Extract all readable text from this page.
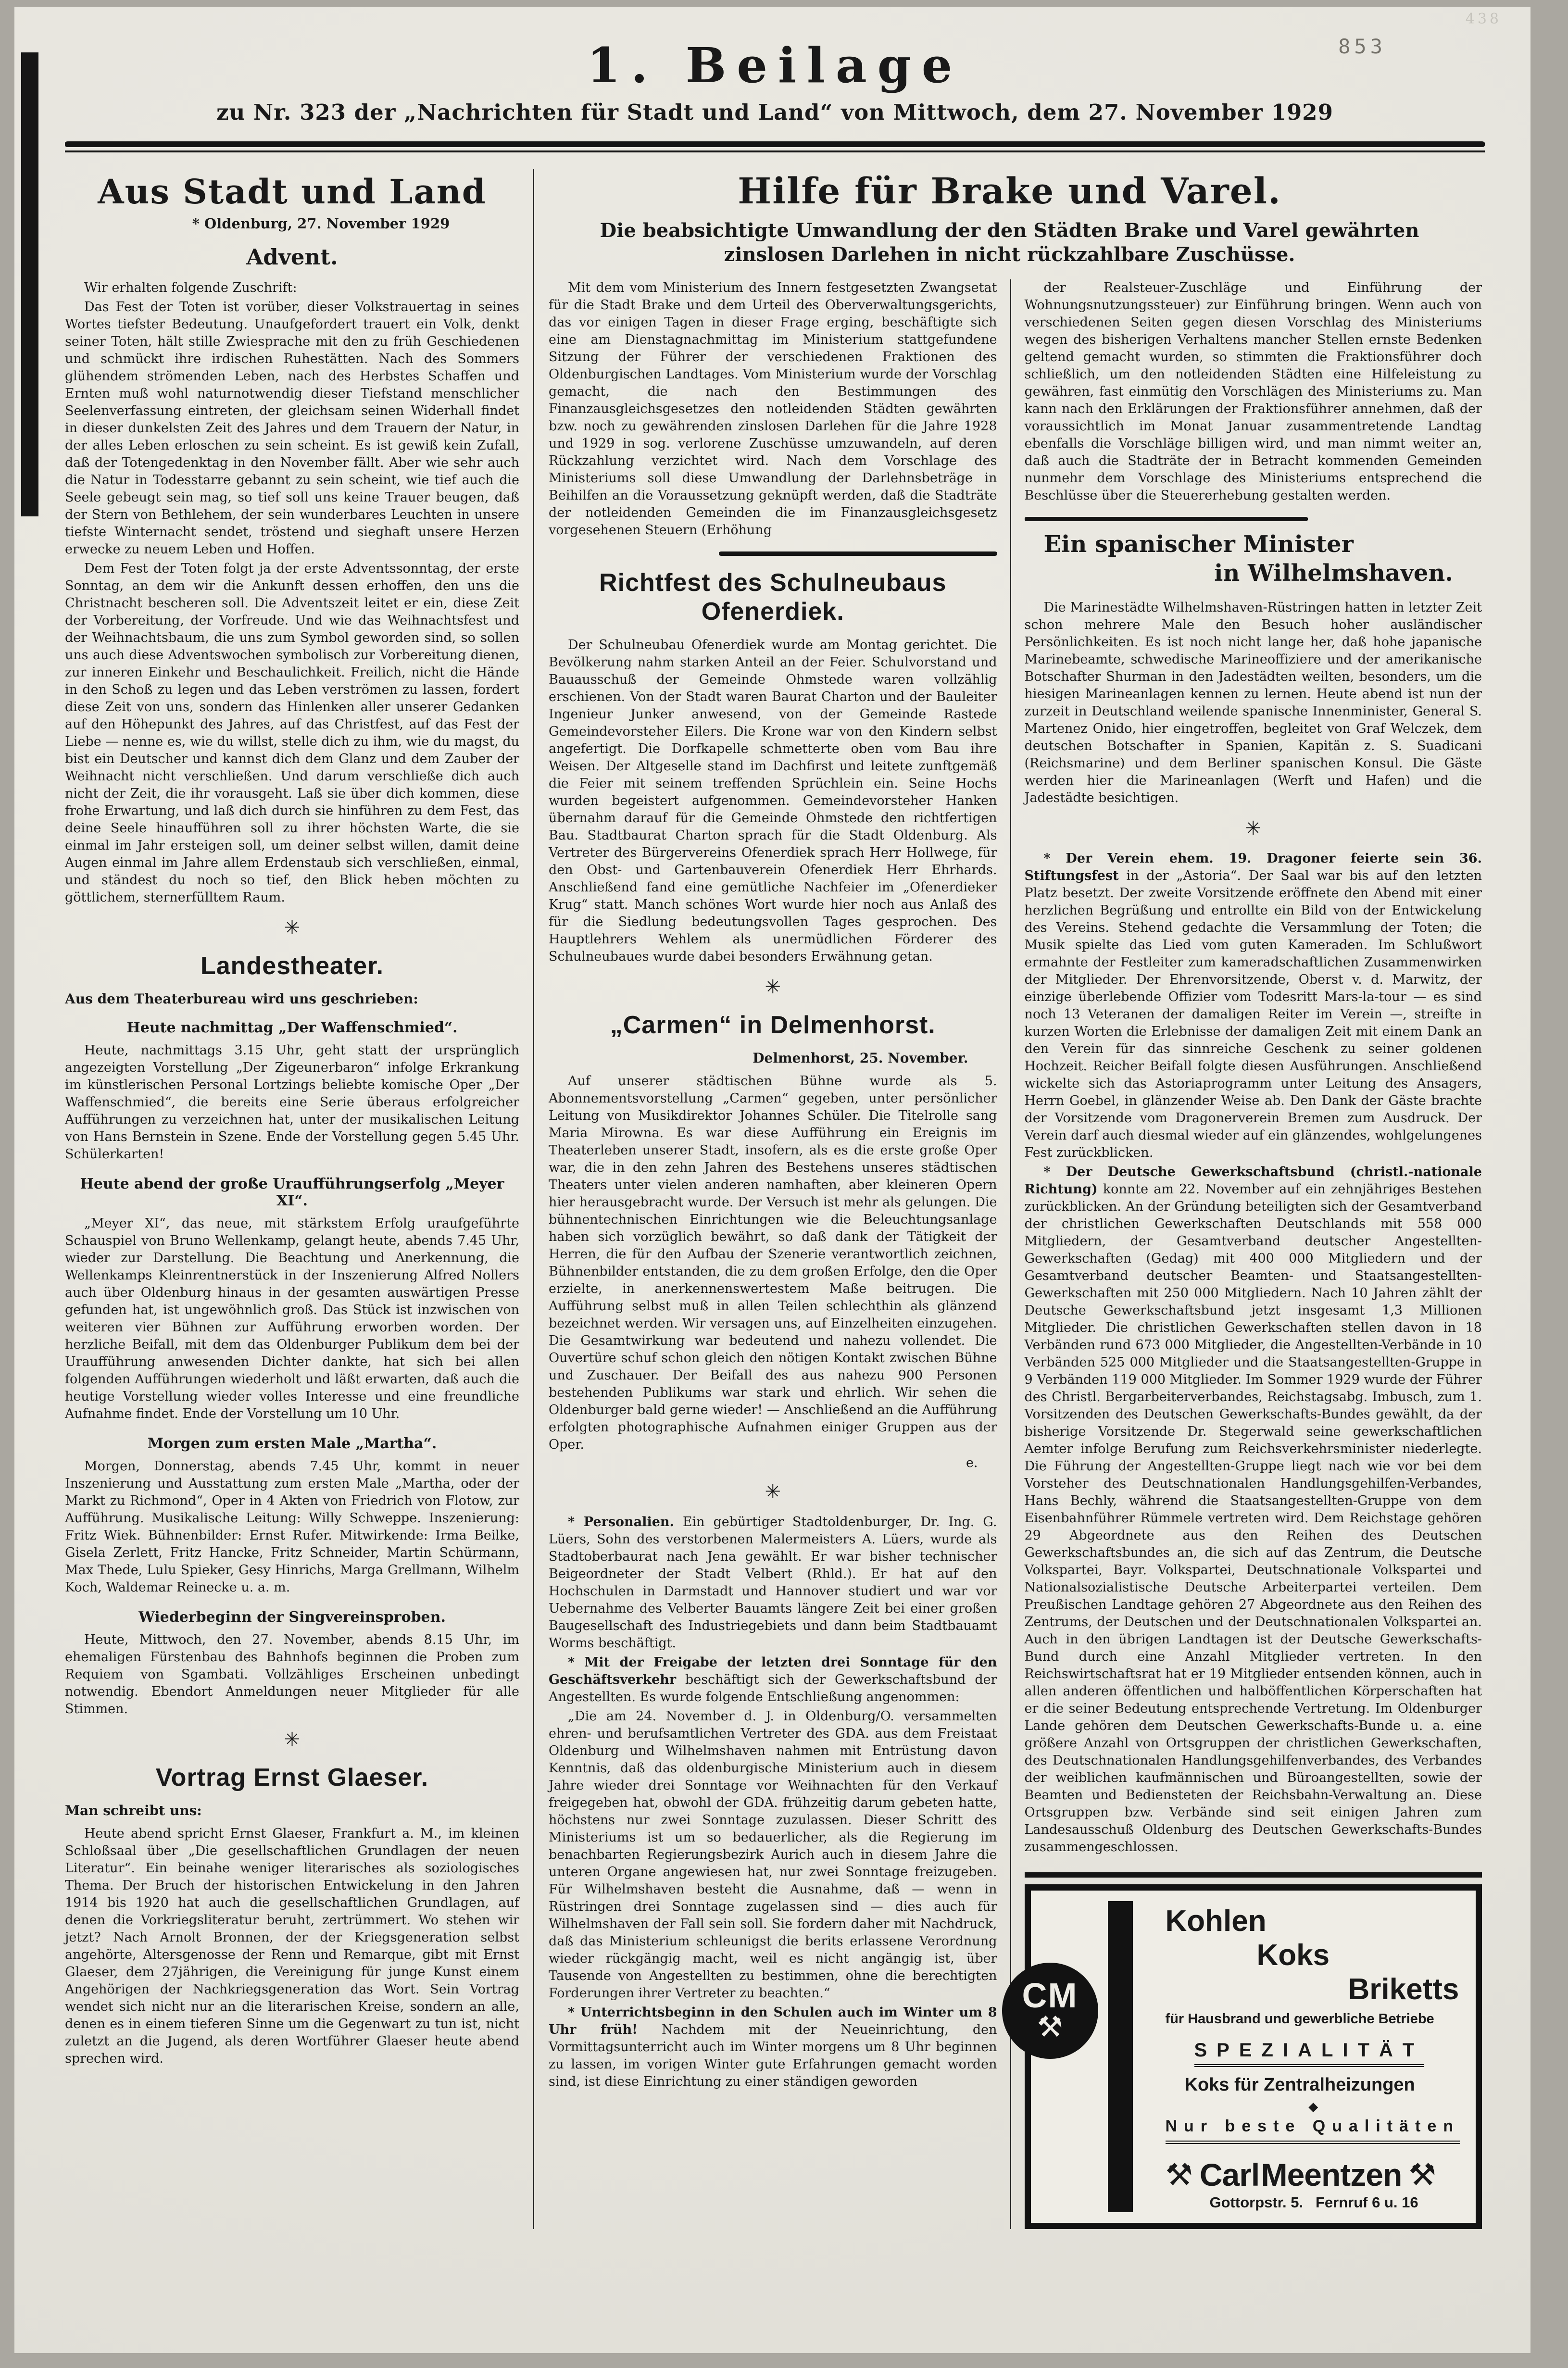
853
438
1. Beilage

zu Nr. 323 der „Nachrichten für Stadt und Land“ von Mittwoch, dem 27. November 1929

Aus Stadt und Land

* Oldenburg, 27. November 1929

Advent.

Wir erhalten folgende Zuschrift:

Das Fest der Toten ist vorüber, dieser Volkstrauertag in seines Wortes tiefster Bedeutung. Unaufgefordert trauert ein Volk, denkt seiner Toten, hält stille Zwiesprache mit den zu früh Geschiedenen und schmückt ihre irdischen Ruhestätten. Nach des Sommers glühendem strömenden Leben, nach des Herbstes Schaffen und Ernten muß wohl naturnotwendig dieser Tiefstand menschlicher Seelenverfassung eintreten, der gleichsam seinen Widerhall findet in dieser dunkelsten Zeit des Jahres und dem Trauern der Natur, in der alles Leben erloschen zu sein scheint. Es ist gewiß kein Zufall, daß der Totengedenktag in den November fällt. Aber wie sehr auch die Natur in Todesstarre gebannt zu sein scheint, wie tief auch die Seele gebeugt sein mag, so tief soll uns keine Trauer beugen, daß der Stern von Bethlehem, der sein wunderbares Leuchten in unsere tiefste Winternacht sendet, tröstend und sieghaft unsere Herzen erwecke zu neuem Leben und Hoffen.

Dem Fest der Toten folgt ja der erste Adventssonntag, der erste Sonntag, an dem wir die Ankunft dessen erhoffen, den uns die Christnacht bescheren soll. Die Adventszeit leitet er ein, diese Zeit der Vorbereitung, der Vorfreude. Und wie das Weihnachtsfest und der Weihnachtsbaum, die uns zum Symbol geworden sind, so sollen uns auch diese Adventswochen symbolisch zur Vorbereitung dienen, zur inneren Einkehr und Beschaulichkeit. Freilich, nicht die Hände in den Schoß zu legen und das Leben verströmen zu lassen, fordert diese Zeit von uns, sondern das Hinlenken aller unserer Gedanken auf den Höhepunkt des Jahres, auf das Christfest, auf das Fest der Liebe — nenne es, wie du willst, stelle dich zu ihm, wie du magst, du bist ein Deutscher und kannst dich dem Glanz und dem Zauber der Weihnacht nicht verschließen. Und darum verschließe dich auch nicht der Zeit, die ihr vorausgeht. Laß sie über dich kommen, diese frohe Erwartung, und laß dich durch sie hinführen zu dem Fest, das deine Seele hinaufführen soll zu ihrer höchsten Warte, die sie einmal im Jahr ersteigen soll, um deiner selbst willen, damit deine Augen einmal im Jahre allem Erdenstaub sich verschließen, einmal, und ständest du noch so tief, den Blick heben möchten zu göttlichem, sternerfülltem Raum.

✳
Landestheater.

Aus dem Theaterbureau wird uns geschrieben:

Heute nachmittag „Der Waffenschmied“.

Heute, nachmittags 3.15 Uhr, geht statt der ursprünglich angezeigten Vorstellung „Der Zigeunerbaron“ infolge Erkrankung im künstlerischen Personal Lortzings beliebte komische Oper „Der Waffenschmied“, die bereits eine Serie überaus erfolgreicher Aufführungen zu verzeichnen hat, unter der musikalischen Leitung von Hans Bernstein in Szene. Ende der Vorstellung gegen 5.45 Uhr. Schülerkarten!

Heute abend der große Uraufführungserfolg „Meyer XI“.

„Meyer XI“, das neue, mit stärkstem Erfolg uraufgeführte Schauspiel von Bruno Wellenkamp, gelangt heute, abends 7.45 Uhr, wieder zur Darstellung. Die Beachtung und Anerkennung, die Wellenkamps Kleinrentnerstück in der Inszenierung Alfred Nollers auch über Oldenburg hinaus in der gesamten auswärtigen Presse gefunden hat, ist ungewöhnlich groß. Das Stück ist inzwischen von weiteren vier Bühnen zur Aufführung erworben worden. Der herzliche Beifall, mit dem das Oldenburger Publikum dem bei der Uraufführung anwesenden Dichter dankte, hat sich bei allen folgenden Aufführungen wiederholt und läßt erwarten, daß auch die heutige Vorstellung wieder volles Interesse und eine freundliche Aufnahme findet. Ende der Vorstellung um 10 Uhr.

Morgen zum ersten Male „Martha“.

Morgen, Donnerstag, abends 7.45 Uhr, kommt in neuer Inszenierung und Ausstattung zum ersten Male „Martha, oder der Markt zu Richmond“, Oper in 4 Akten von Friedrich von Flotow, zur Aufführung. Musikalische Leitung: Willy Schweppe. Inszenierung: Fritz Wiek. Bühnenbilder: Ernst Rufer. Mitwirkende: Irma Beilke, Gisela Zerlett, Fritz Hancke, Fritz Schneider, Martin Schürmann, Max Thede, Lulu Spieker, Gesy Hinrichs, Marga Grellmann, Wilhelm Koch, Waldemar Reinecke u. a. m.

Wiederbeginn der Singvereinsproben.

Heute, Mittwoch, den 27. November, abends 8.15 Uhr, im ehemaligen Fürstenbau des Bahnhofs beginnen die Proben zum Requiem von Sgambati. Vollzähliges Erscheinen unbedingt notwendig. Ebendort Anmeldungen neuer Mitglieder für alle Stimmen.

✳
Vortrag Ernst Glaeser.

Man schreibt uns:

Heute abend spricht Ernst Glaeser, Frankfurt a. M., im kleinen Schloßsaal über „Die gesellschaftlichen Grundlagen der neuen Literatur“. Ein beinahe weniger literarisches als soziologisches Thema. Der Bruch der historischen Entwickelung in den Jahren 1914 bis 1920 hat auch die gesellschaftlichen Grundlagen, auf denen die Vorkriegsliteratur beruht, zertrümmert. Wo stehen wir jetzt? Nach Arnolt Bronnen, der der Kriegsgeneration selbst angehörte, Altersgenosse der Renn und Remarque, gibt mit Ernst Glaeser, dem 27jährigen, die Vereinigung für junge Kunst einem Angehörigen der Nachkriegsgeneration das Wort. Sein Vortrag wendet sich nicht nur an die literarischen Kreise, sondern an alle, denen es in einem tieferen Sinne um die Gegenwart zu tun ist, nicht zuletzt an die Jugend, als deren Wortführer Glaeser heute abend sprechen wird.

Hilfe für Brake und Varel.

Die beabsichtigte Umwandlung der den Städten Brake und Varel gewährten zinslosen Darlehen in nicht rückzahlbare Zuschüsse.

Mit dem vom Ministerium des Innern festgesetzten Zwangsetat für die Stadt Brake und dem Urteil des Oberverwaltungsgerichts, das vor einigen Tagen in dieser Frage erging, beschäftigte sich eine am Dienstagnachmittag im Ministerium stattgefundene Sitzung der Führer der verschiedenen Fraktionen des Oldenburgischen Landtages. Vom Ministerium wurde der Vorschlag gemacht, die nach den Bestimmungen des Finanzausgleichsgesetzes den notleidenden Städten gewährten bzw. noch zu gewährenden zinslosen Darlehen für die Jahre 1928 und 1929 in sog. verlorene Zuschüsse umzuwandeln, auf deren Rückzahlung verzichtet wird. Nach dem Vorschlage des Ministeriums soll diese Umwandlung der Darlehnsbeträge in Beihilfen an die Voraussetzung geknüpft werden, daß die Stadträte der notleidenden Gemeinden die im Finanzausgleichsgesetz vorgesehenen Steuern (Erhöhung

Richtfest des Schulneubaus Ofenerdiek.

Der Schulneubau Ofenerdiek wurde am Montag gerichtet. Die Bevölkerung nahm starken Anteil an der Feier. Schulvorstand und Bauausschuß der Gemeinde Ohmstede waren vollzählig erschienen. Von der Stadt waren Baurat Charton und der Bauleiter Ingenieur Junker anwesend, von der Gemeinde Rastede Gemeindevorsteher Eilers. Die Krone war von den Kindern selbst angefertigt. Die Dorfkapelle schmetterte oben vom Bau ihre Weisen. Der Altgeselle stand im Dachfirst und leitete zunftgemäß die Feier mit seinem treffenden Sprüchlein ein. Seine Hochs wurden begeistert aufgenommen. Gemeindevorsteher Hanken übernahm darauf für die Gemeinde Ohmstede den richtfertigen Bau. Stadtbaurat Charton sprach für die Stadt Oldenburg. Als Vertreter des Bürgervereins Ofenerdiek sprach Herr Hollwege, für den Obst- und Gartenbauverein Ofenerdiek Herr Ehrhards. Anschließend fand eine gemütliche Nachfeier im „Ofenerdieker Krug“ statt. Manch schönes Wort wurde hier noch aus Anlaß des für die Siedlung bedeutungsvollen Tages gesprochen. Des Hauptlehrers Wehlem als unermüdlichen Förderer des Schulneubaues wurde dabei besonders Erwähnung getan.

✳
„Carmen“ in Delmenhorst.

Delmenhorst, 25. November.

Auf unserer städtischen Bühne wurde als 5. Abonnementsvorstellung „Carmen“ gegeben, unter persönlicher Leitung von Musikdirektor Johannes Schüler. Die Titelrolle sang Maria Mirowna. Es war diese Aufführung ein Ereignis im Theaterleben unserer Stadt, insofern, als es die erste große Oper war, die in den zehn Jahren des Bestehens unseres städtischen Theaters unter vielen anderen namhaften, aber kleineren Opern hier herausgebracht wurde. Der Versuch ist mehr als gelungen. Die bühnentechnischen Einrichtungen wie die Beleuchtungsanlage haben sich vorzüglich bewährt, so daß dank der Tätigkeit der Herren, die für den Aufbau der Szenerie verantwortlich zeichnen, Bühnenbilder entstanden, die zu dem großen Erfolge, den die Oper erzielte, in anerkennenswertestem Maße beitrugen. Die Aufführung selbst muß in allen Teilen schlechthin als glänzend bezeichnet werden. Wir versagen uns, auf Einzelheiten einzugehen. Die Gesamtwirkung war bedeutend und nahezu vollendet. Die Ouvertüre schuf schon gleich den nötigen Kontakt zwischen Bühne und Zuschauer. Der Beifall des aus nahezu 900 Personen bestehenden Publikums war stark und ehrlich. Wir sehen die Oldenburger bald gerne wieder! — Anschließend an die Aufführung erfolgten photographische Aufnahmen einiger Gruppen aus der Oper.

e.

✳

* Personalien. Ein gebürtiger Stadtoldenburger, Dr. Ing. G. Lüers, Sohn des verstorbenen Malermeisters A. Lüers, wurde als Stadtoberbaurat nach Jena gewählt. Er war bisher technischer Beigeordneter der Stadt Velbert (Rhld.). Er hat auf den Hochschulen in Darmstadt und Hannover studiert und war vor Uebernahme des Velberter Bauamts längere Zeit bei einer großen Baugesellschaft des Industriegebiets und dann beim Stadtbauamt Worms beschäftigt.

* Mit der Freigabe der letzten drei Sonntage für den Geschäftsverkehr beschäftigt sich der Gewerkschaftsbund der Angestellten. Es wurde folgende Entschließung angenommen:

„Die am 24. November d. J. in Oldenburg/O. versammelten ehren- und berufsamtlichen Vertreter des GDA. aus dem Freistaat Oldenburg und Wilhelmshaven nahmen mit Entrüstung davon Kenntnis, daß das oldenburgische Ministerium auch in diesem Jahre wieder drei Sonntage vor Weihnachten für den Verkauf freigegeben hat, obwohl der GDA. frühzeitig darum gebeten hatte, höchstens nur zwei Sonntage zuzulassen. Dieser Schritt des Ministeriums ist um so bedauerlicher, als die Regierung im benachbarten Regierungsbezirk Aurich auch in diesem Jahre die unteren Organe angewiesen hat, nur zwei Sonntage freizugeben. Für Wilhelmshaven besteht die Ausnahme, daß — wenn in Rüstringen drei Sonntage zugelassen sind — dies auch für Wilhelmshaven der Fall sein soll. Sie fordern daher mit Nachdruck, daß das Ministerium schleunigst die berits erlassene Verordnung wieder rückgängig macht, weil es nicht angängig ist, über Tausende von Angestellten zu bestimmen, ohne die berechtigten Forderungen ihrer Vertreter zu beachten.“

* Unterrichtsbeginn in den Schulen auch im Winter um 8 Uhr früh! Nachdem mit der Neueinrichtung, den Vormittagsunterricht auch im Winter morgens um 8 Uhr beginnen zu lassen, im vorigen Winter gute Erfahrungen gemacht worden sind, ist diese Einrichtung zu einer ständigen geworden

der Realsteuer-Zuschläge und Einführung der Wohnungsnutzungssteuer) zur Einführung bringen. Wenn auch von verschiedenen Seiten gegen diesen Vorschlag des Ministeriums wegen des bisherigen Verhaltens mancher Stellen ernste Bedenken geltend gemacht wurden, so stimmten die Fraktionsführer doch schließlich, um den notleidenden Städten eine Hilfeleistung zu gewähren, fast einmütig den Vorschlägen des Ministeriums zu. Man kann nach den Erklärungen der Fraktionsführer annehmen, daß der voraussichtlich im Monat Januar zusammentretende Landtag ebenfalls die Vorschläge billigen wird, und man nimmt weiter an, daß auch die Stadträte der in Betracht kommenden Gemeinden nunmehr dem Vorschlage des Ministeriums entsprechend die Beschlüsse über die Steuererhebung gestalten werden.

Ein spanischer Minister
in Wilhelmshaven.

Die Marinestädte Wilhelmshaven-Rüstringen hatten in letzter Zeit schon mehrere Male den Besuch hoher ausländischer Persönlichkeiten. Es ist noch nicht lange her, daß hohe japanische Marinebeamte, schwedische Marineoffiziere und der amerikanische Botschafter Shurman in den Jadestädten weilten, besonders, um die hiesigen Marineanlagen kennen zu lernen. Heute abend ist nun der zurzeit in Deutschland weilende spanische Innenminister, General S. Martenez Onido, hier eingetroffen, begleitet von Graf Welczek, dem deutschen Botschafter in Spanien, Kapitän z. S. Suadicani (Reichsmarine) und dem Berliner spanischen Konsul. Die Gäste werden hier die Marineanlagen (Werft und Hafen) und die Jadestädte besichtigen.

✳

* Der Verein ehem. 19. Dragoner feierte sein 36. Stiftungsfest in der „Astoria“. Der Saal war bis auf den letzten Platz besetzt. Der zweite Vorsitzende eröffnete den Abend mit einer herzlichen Begrüßung und entrollte ein Bild von der Entwickelung des Vereins. Stehend gedachte die Versammlung der Toten; die Musik spielte das Lied vom guten Kameraden. Im Schlußwort ermahnte der Festleiter zum kameradschaftlichen Zusammenwirken der Mitglieder. Der Ehrenvorsitzende, Oberst v. d. Marwitz, der einzige überlebende Offizier vom Todesritt Mars-la-tour — es sind noch 13 Veteranen der damaligen Reiter im Verein —, streifte in kurzen Worten die Erlebnisse der damaligen Zeit mit einem Dank an den Verein für das sinnreiche Geschenk zu seiner goldenen Hochzeit. Reicher Beifall folgte diesen Ausführungen. Anschließend wickelte sich das Astoriaprogramm unter Leitung des Ansagers, Herrn Goebel, in glänzender Weise ab. Den Dank der Gäste brachte der Vorsitzende vom Dragonerverein Bremen zum Ausdruck. Der Verein darf auch diesmal wieder auf ein glänzendes, wohlgelungenes Fest zurückblicken.

* Der Deutsche Gewerkschaftsbund (christl.-nationale Richtung) konnte am 22. November auf ein zehnjähriges Bestehen zurückblicken. An der Gründung beteiligten sich der Gesamtverband der christlichen Gewerkschaften Deutschlands mit 558 000 Mitgliedern, der Gesamtverband deutscher Angestellten-Gewerkschaften (Gedag) mit 400 000 Mitgliedern und der Gesamtverband deutscher Beamten- und Staatsangestellten-Gewerkschaften mit 250 000 Mitgliedern. Nach 10 Jahren zählt der Deutsche Gewerkschaftsbund jetzt insgesamt 1,3 Millionen Mitglieder. Die christlichen Gewerkschaften stellen davon in 18 Verbänden rund 673 000 Mitglieder, die Angestellten-Verbände in 10 Verbänden 525 000 Mitglieder und die Staatsangestellten-Gruppe in 9 Verbänden 119 000 Mitglieder. Im Sommer 1929 wurde der Führer des Christl. Bergarbeiterverbandes, Reichstagsabg. Imbusch, zum 1. Vorsitzenden des Deutschen Gewerkschafts-Bundes gewählt, da der bisherige Vorsitzende Dr. Stegerwald seine gewerkschaftlichen Aemter infolge Berufung zum Reichsverkehrsminister niederlegte. Die Führung der Angestellten-Gruppe liegt nach wie vor bei dem Vorsteher des Deutschnationalen Handlungsgehilfen-Verbandes, Hans Bechly, während die Staatsangestellten-Gruppe von dem Eisenbahnführer Rümmele vertreten wird. Dem Reichstage gehören 29 Abgeordnete aus den Reihen des Deutschen Gewerkschaftsbundes an, die sich auf das Zentrum, die Deutsche Volkspartei, Bayr. Volkspartei, Deutschnationale Volkspartei und Nationalsozialistische Deutsche Arbeiterpartei verteilen. Dem Preußischen Landtage gehören 27 Abgeordnete aus den Reihen des Zentrums, der Deutschen und der Deutschnationalen Volkspartei an. Auch in den übrigen Landtagen ist der Deutsche Gewerkschafts-Bund durch eine Anzahl Mitglieder vertreten. In den Reichswirtschaftsrat hat er 19 Mitglieder entsenden können, auch in allen anderen öffentlichen und halböffentlichen Körperschaften hat er die seiner Bedeutung entsprechende Vertretung. Im Oldenburger Lande gehören dem Deutschen Gewerkschafts-Bunde u. a. eine größere Anzahl von Ortsgruppen der christlichen Gewerkschaften, des Deutschnationalen Handlungsgehilfenverbandes, des Verbandes der weiblichen kaufmännischen und Büroangestellten, sowie der Beamten und Bediensteten der Reichsbahn-Verwaltung an. Diese Ortsgruppen bzw. Verbände sind seit einigen Jahren zum Landesausschuß Oldenburg des Deutschen Gewerkschafts-Bundes zusammengeschlossen.

CM
⚒

Kohlen

Koks

Briketts

für Hausbrand und gewerbliche Betriebe

SPEZIALITÄT

Koks für Zentralheizungen

◆

Nur beste Qualitäten
⚒ Carl Meentzen ⚒

Gottorpstr. 5. Fernruf 6 u. 16
